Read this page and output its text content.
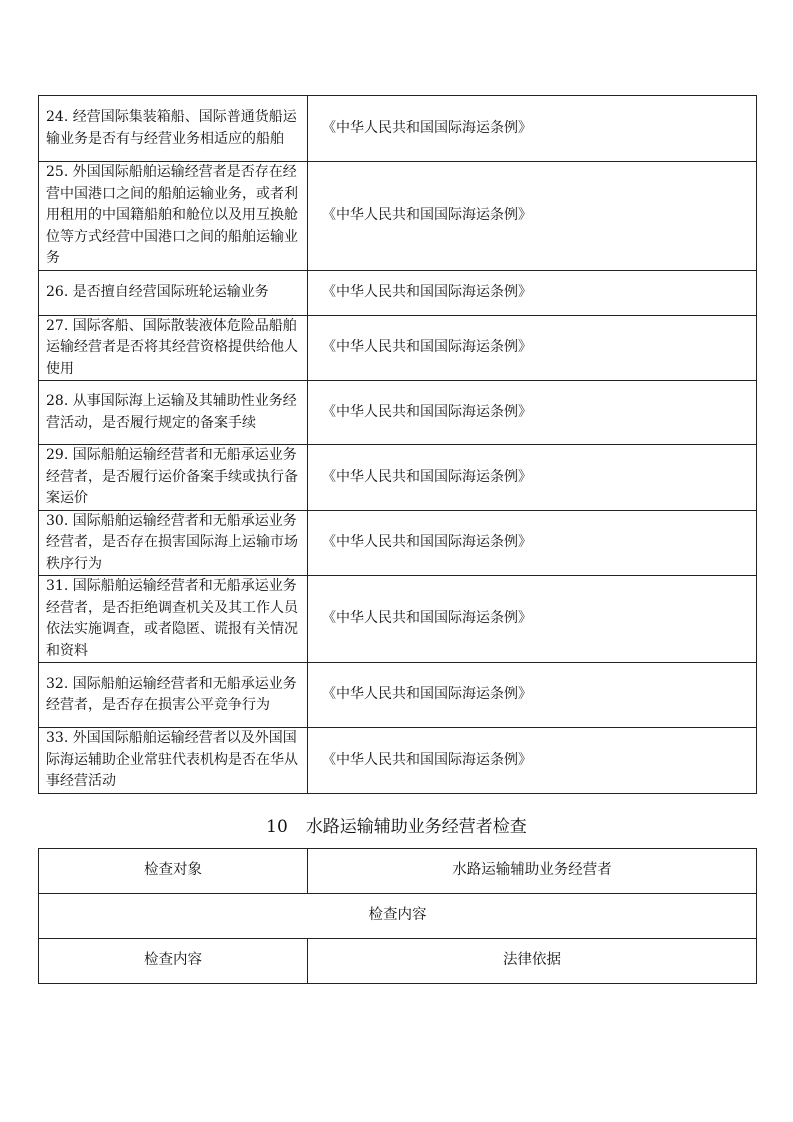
24. 经营国际集装箱船、国际普通货船运输业务是否有与经营业务相适应的船舶	《中华人民共和国国际海运条例》
25. 外国国际船舶运输经营者是否存在经营中国港口之间的船舶运输业务，或者利用租用的中国籍船舶和舱位以及用互换舱位等方式经营中国港口之间的船舶运输业务	《中华人民共和国国际海运条例》
26. 是否擅自经营国际班轮运输业务	《中华人民共和国国际海运条例》
27. 国际客船、国际散装液体危险品船舶运输经营者是否将其经营资格提供给他人使用	《中华人民共和国国际海运条例》
28. 从事国际海上运输及其辅助性业务经营活动，是否履行规定的备案手续	《中华人民共和国国际海运条例》
29. 国际船舶运输经营者和无船承运业务经营者，是否履行运价备案手续或执行备案运价	《中华人民共和国国际海运条例》
30. 国际船舶运输经营者和无船承运业务经营者，是否存在损害国际海上运输市场秩序行为	《中华人民共和国国际海运条例》
31. 国际船舶运输经营者和无船承运业务经营者，是否拒绝调查机关及其工作人员依法实施调查，或者隐匿、谎报有关情况和资料	《中华人民共和国国际海运条例》
32. 国际船舶运输经营者和无船承运业务经营者，是否存在损害公平竞争行为	《中华人民共和国国际海运条例》
33. 外国国际船舶运输经营者以及外国国际海运辅助企业常驻代表机构是否在华从事经营活动	《中华人民共和国国际海运条例》
10 水路运输辅助业务经营者检查
检查对象	水路运输辅助业务经营者
检查内容	
检查内容	法律依据
